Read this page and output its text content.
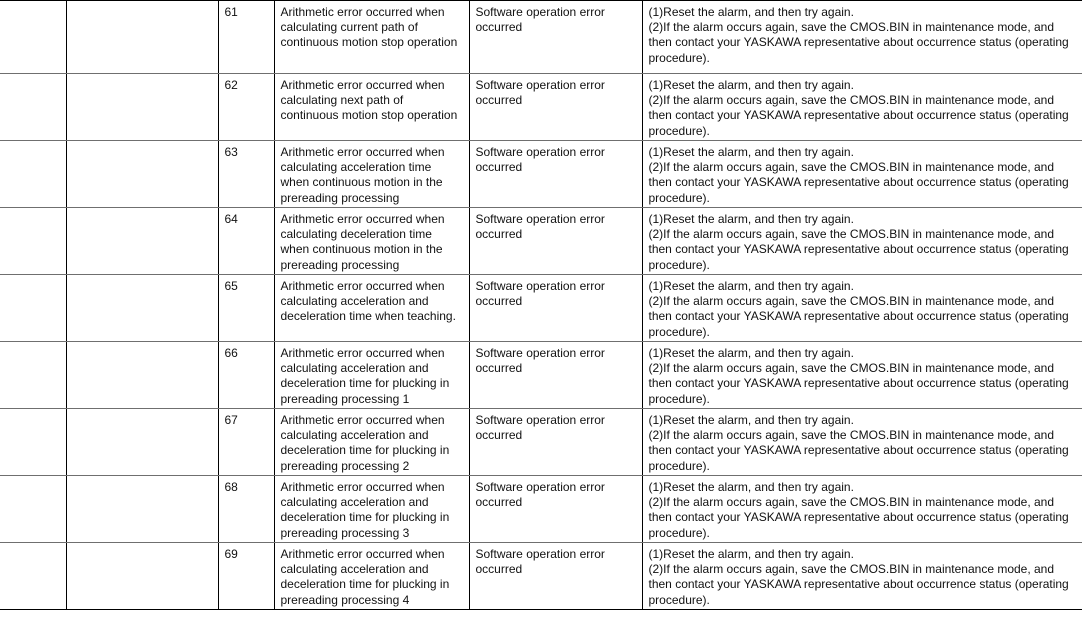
		61	Arithmetic error occurred when calculating current path of continuous motion stop operation	Software operation error occurred	(1)Reset the alarm, and then try again.
(2)If the alarm occurs again, save the CMOS.BIN in maintenance mode, and then contact your YASKAWA representative about occurrence status (operating procedure).

		62	Arithmetic error occurred when calculating next path of continuous motion stop operation	Software operation error occurred	(1)Reset the alarm, and then try again.
(2)If the alarm occurs again, save the CMOS.BIN in maintenance mode, and then contact your YASKAWA representative about occurrence status (operating procedure).

		63	Arithmetic error occurred when calculating acceleration time when continuous motion in the prereading processing	Software operation error occurred	(1)Reset the alarm, and then try again.
(2)If the alarm occurs again, save the CMOS.BIN in maintenance mode, and then contact your YASKAWA representative about occurrence status (operating procedure).

		64	Arithmetic error occurred when calculating deceleration time when continuous motion in the prereading processing	Software operation error occurred	(1)Reset the alarm, and then try again.
(2)If the alarm occurs again, save the CMOS.BIN in maintenance mode, and then contact your YASKAWA representative about occurrence status (operating procedure).

		65	Arithmetic error occurred when calculating acceleration and deceleration time when teaching.	Software operation error occurred	(1)Reset the alarm, and then try again.
(2)If the alarm occurs again, save the CMOS.BIN in maintenance mode, and then contact your YASKAWA representative about occurrence status (operating procedure).

		66	Arithmetic error occurred when calculating acceleration and deceleration time for plucking in prereading processing 1	Software operation error occurred	(1)Reset the alarm, and then try again.
(2)If the alarm occurs again, save the CMOS.BIN in maintenance mode, and then contact your YASKAWA representative about occurrence status (operating procedure).

		67	Arithmetic error occurred when calculating acceleration and deceleration time for plucking in prereading processing 2	Software operation error occurred	(1)Reset the alarm, and then try again.
(2)If the alarm occurs again, save the CMOS.BIN in maintenance mode, and then contact your YASKAWA representative about occurrence status (operating procedure).

		68	Arithmetic error occurred when calculating acceleration and deceleration time for plucking in prereading processing 3	Software operation error occurred	(1)Reset the alarm, and then try again.
(2)If the alarm occurs again, save the CMOS.BIN in maintenance mode, and then contact your YASKAWA representative about occurrence status (operating procedure).

		69	Arithmetic error occurred when calculating acceleration and deceleration time for plucking in prereading processing 4	Software operation error occurred	(1)Reset the alarm, and then try again.
(2)If the alarm occurs again, save the CMOS.BIN in maintenance mode, and then contact your YASKAWA representative about occurrence status (operating procedure).
